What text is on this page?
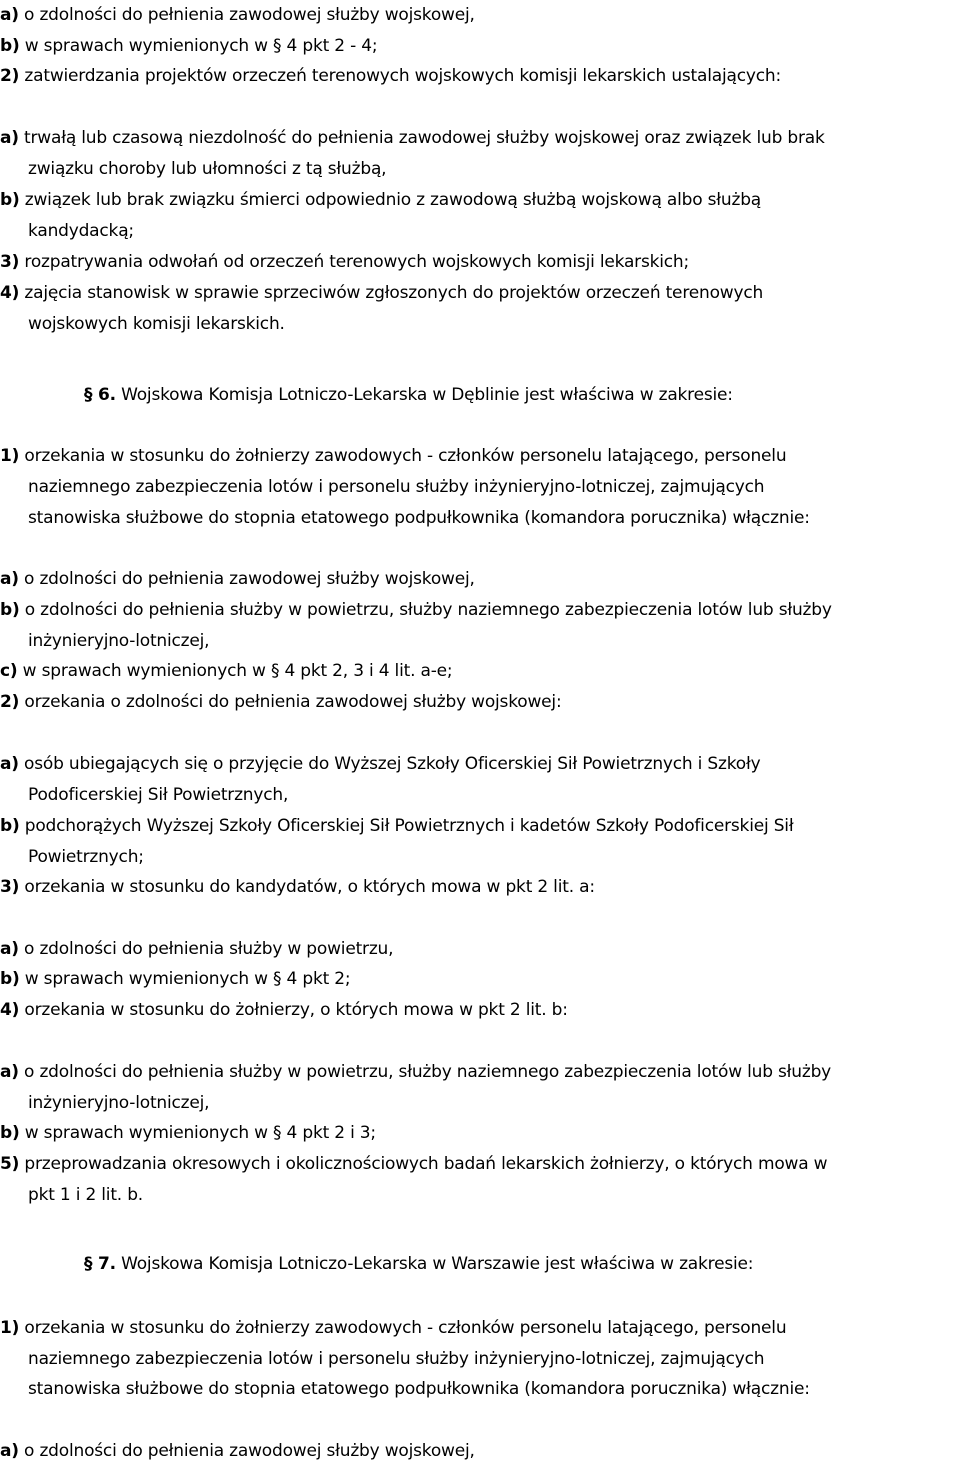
a) o zdolności do pełnienia zawodowej służby wojskowej,
b) w sprawach wymienionych w § 4 pkt 2 - 4;
2) zatwierdzania projektów orzeczeń terenowych wojskowych komisji lekarskich ustalających:
a) trwałą lub czasową niezdolność do pełnienia zawodowej służby wojskowej oraz związek lub brak
związku choroby lub ułomności z tą służbą,
b) związek lub brak związku śmierci odpowiednio z zawodową służbą wojskową albo służbą
kandydacką;
3) rozpatrywania odwołań od orzeczeń terenowych wojskowych komisji lekarskich;
4) zajęcia stanowisk w sprawie sprzeciwów zgłoszonych do projektów orzeczeń terenowych
wojskowych komisji lekarskich.
§ 6. Wojskowa Komisja Lotniczo-Lekarska w Dęblinie jest właściwa w zakresie:
1) orzekania w stosunku do żołnierzy zawodowych - członków personelu latającego, personelu
naziemnego zabezpieczenia lotów i personelu służby inżynieryjno-lotniczej, zajmujących
stanowiska służbowe do stopnia etatowego podpułkownika (komandora porucznika) włącznie:
a) o zdolności do pełnienia zawodowej służby wojskowej,
b) o zdolności do pełnienia służby w powietrzu, służby naziemnego zabezpieczenia lotów lub służby
inżynieryjno-lotniczej,
c) w sprawach wymienionych w § 4 pkt 2, 3 i 4 lit. a-e;
2) orzekania o zdolności do pełnienia zawodowej służby wojskowej:
a) osób ubiegających się o przyjęcie do Wyższej Szkoły Oficerskiej Sił Powietrznych i Szkoły
Podoficerskiej Sił Powietrznych,
b) podchorążych Wyższej Szkoły Oficerskiej Sił Powietrznych i kadetów Szkoły Podoficerskiej Sił
Powietrznych;
3) orzekania w stosunku do kandydatów, o których mowa w pkt 2 lit. a:
a) o zdolności do pełnienia służby w powietrzu,
b) w sprawach wymienionych w § 4 pkt 2;
4) orzekania w stosunku do żołnierzy, o których mowa w pkt 2 lit. b:
a) o zdolności do pełnienia służby w powietrzu, służby naziemnego zabezpieczenia lotów lub służby
inżynieryjno-lotniczej,
b) w sprawach wymienionych w § 4 pkt 2 i 3;
5) przeprowadzania okresowych i okolicznościowych badań lekarskich żołnierzy, o których mowa w
pkt 1 i 2 lit. b.
§ 7. Wojskowa Komisja Lotniczo-Lekarska w Warszawie jest właściwa w zakresie:
1) orzekania w stosunku do żołnierzy zawodowych - członków personelu latającego, personelu
naziemnego zabezpieczenia lotów i personelu służby inżynieryjno-lotniczej, zajmujących
stanowiska służbowe do stopnia etatowego podpułkownika (komandora porucznika) włącznie:
a) o zdolności do pełnienia zawodowej służby wojskowej,
